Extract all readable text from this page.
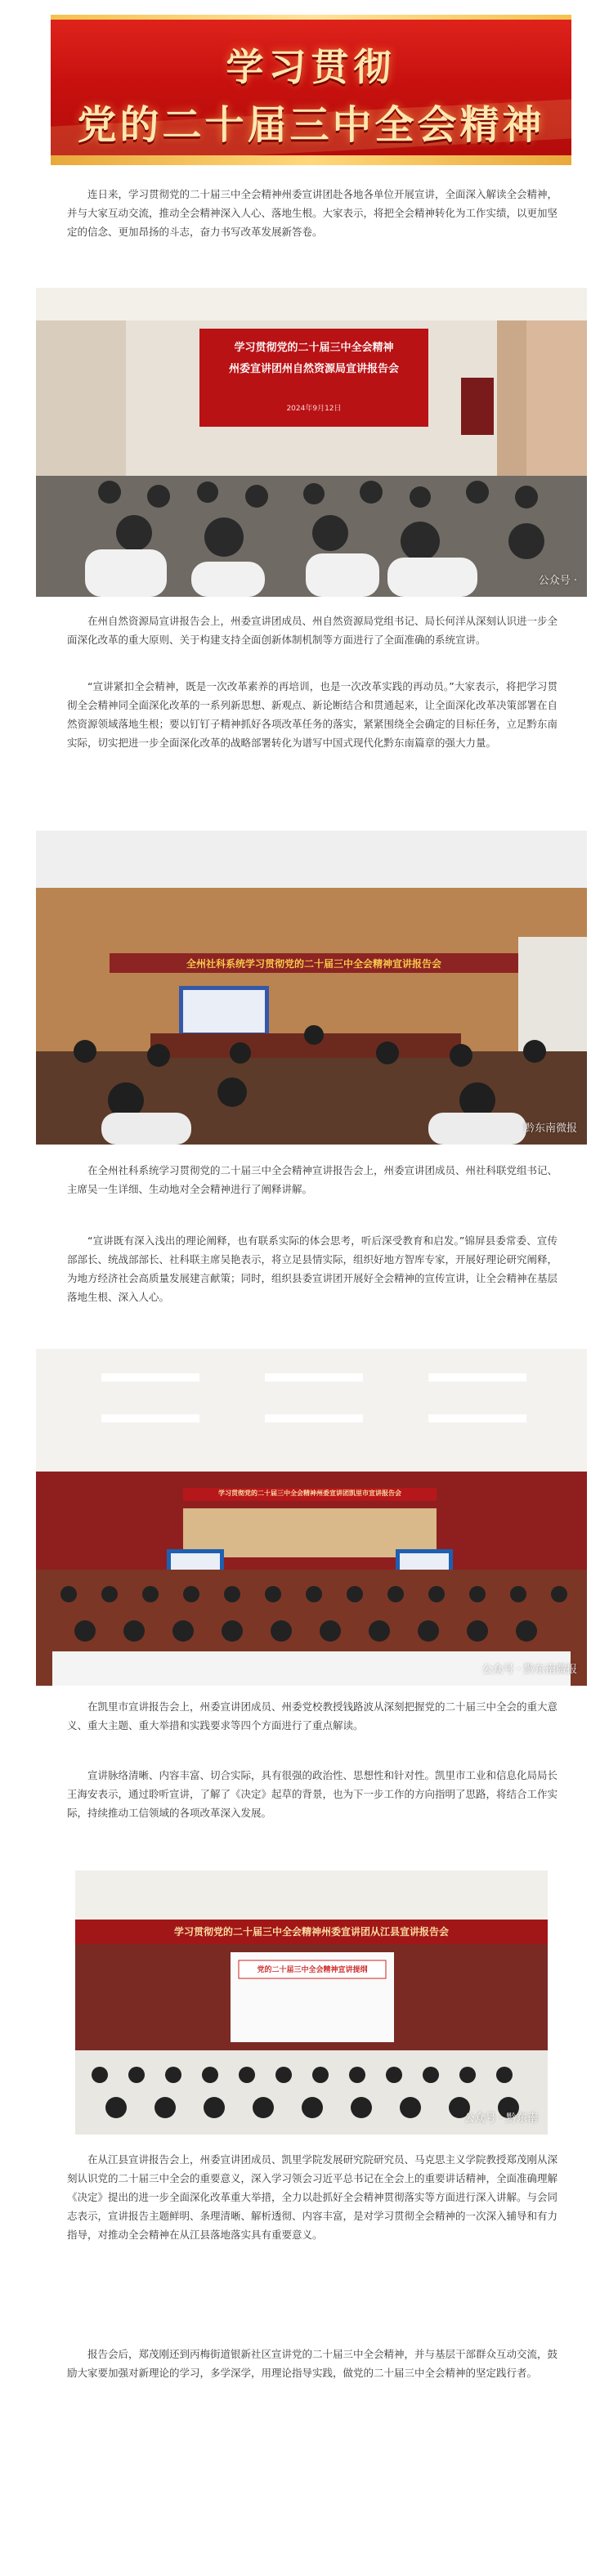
学习贯彻
党的二十届三中全会精神

连日来，学习贯彻党的二十届三中全会精神州委宣讲团赴各地各单位开展宣讲，全面深入解读全会精神，并与大家互动交流，推动全会精神深入人心、落地生根。大家表示，将把全会精神转化为工作实绩，以更加坚定的信念、更加昂扬的斗志，奋力书写改革发展新答卷。

学习贯彻党的二十届三中全会精神
州委宣讲团州自然资源局宣讲报告会
2024年9月12日
公众号 ·

在州自然资源局宣讲报告会上，州委宣讲团成员、州自然资源局党组书记、局长何洋从深刻认识进一步全面深化改革的重大原则、关于构建支持全面创新体制机制等方面进行了全面准确的系统宣讲。

“宣讲紧扣全会精神，既是一次改革素养的再培训，也是一次改革实践的再动员。”大家表示，将把学习贯彻全会精神同全面深化改革的一系列新思想、新观点、新论断结合和贯通起来，让全面深化改革决策部署在自然资源领域落地生根；要以钉钉子精神抓好各项改革任务的落实，紧紧围绕全会确定的目标任务，立足黔东南实际，切实把进一步全面深化改革的战略部署转化为谱写中国式现代化黔东南篇章的强大力量。

全州社科系统学习贯彻党的二十届三中全会精神宣讲报告会
黔东南微报

在全州社科系统学习贯彻党的二十届三中全会精神宣讲报告会上，州委宣讲团成员、州社科联党组书记、主席吴一生详细、生动地对全会精神进行了阐释讲解。

“宣讲既有深入浅出的理论阐释，也有联系实际的体会思考，听后深受教育和启发。”锦屏县委常委、宣传部部长、统战部部长、社科联主席吴艳表示，将立足县情实际，组织好地方智库专家，开展好理论研究阐释，为地方经济社会高质量发展建言献策；同时，组织县委宣讲团开展好全会精神的宣传宣讲，让全会精神在基层落地生根、深入人心。

学习贯彻党的二十届三中全会精神州委宣讲团凯里市宣讲报告会
公众号 · 黔东南微报

在凯里市宣讲报告会上，州委宣讲团成员、州委党校教授钱路波从深刻把握党的二十届三中全会的重大意义、重大主题、重大举措和实践要求等四个方面进行了重点解读。

宣讲脉络清晰、内容丰富、切合实际，具有很强的政治性、思想性和针对性。凯里市工业和信息化局局长王海安表示，通过聆听宣讲，了解了《决定》起草的背景，也为下一步工作的方向指明了思路，将结合工作实际，持续推动工信领域的各项改革深入发展。

学习贯彻党的二十届三中全会精神州委宣讲团从江县宣讲报告会
党的二十届三中全会精神宣讲提纲
公众号 · 黔东南

在从江县宣讲报告会上，州委宣讲团成员、凯里学院发展研究院研究员、马克思主义学院教授郑茂刚从深刻认识党的二十届三中全会的重要意义，深入学习领会习近平总书记在全会上的重要讲话精神，全面准确理解《决定》提出的进一步全面深化改革重大举措，全力以赴抓好全会精神贯彻落实等方面进行深入讲解。与会同志表示，宣讲报告主题鲜明、条理清晰、解析透彻、内容丰富，是对学习贯彻全会精神的一次深入辅导和有力指导，对推动全会精神在从江县落地落实具有重要意义。

报告会后，郑茂刚还到丙梅街道银新社区宣讲党的二十届三中全会精神，并与基层干部群众互动交流，鼓励大家要加强对新理论的学习，多学深学，用理论指导实践，做党的二十届三中全会精神的坚定践行者。
